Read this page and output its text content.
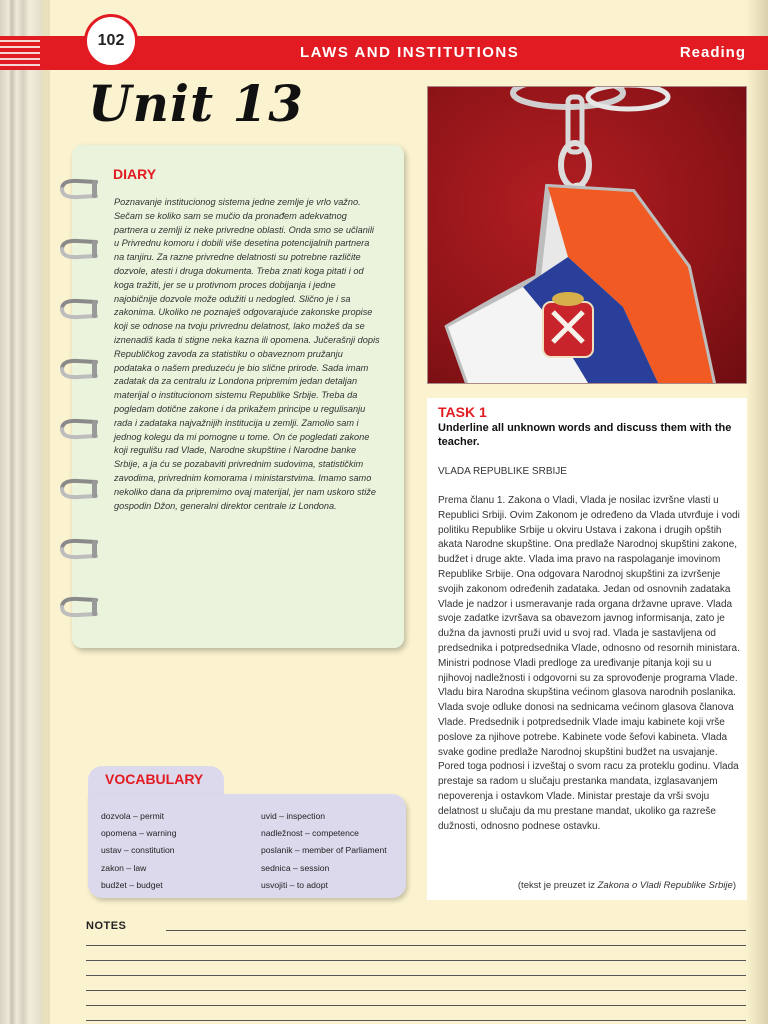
LAWS AND INSTITUTIONS	Reading
102
Unit 13
DIARY
Poznavanje institucionog sistema jedne zemlje je vrlo važno. Sečam se koliko sam se mučio da pronađem adekvatnog partnera u zemlji iz neke privredne oblasti. Onda smo se učlanili u Privrednu komoru i dobili više desetina potencijalnih partnera na tanjiru. Za razne privredne delatnosti su potrebne različite dozvole, atesti i druga dokumenta. Treba znati koga pitati i od koga tražiti, jer se u protivnom proces dobijanja i jedne najobičnije dozvole može odužiti u nedogled. Slično je i sa zakonima. Ukoliko ne poznaješ odgovarajuće zakonske propise koji se odnose na tvoju privrednu delatnost, lako možeš da se iznenadiš kada ti stigne neka kazna ili opomena. Jučerašnji dopis Republičkog zavoda za statistiku o obaveznom pružanju podataka o našem preduzeću je bio slične prirode. Sada imam zadatak da za centralu iz Londona pripremim jedan detaljan materijal o institucionom sistemu Republike Srbije. Treba da pogledam dotične zakone i da prikažem principe u regulisanju rada i zadataka najvažnijih institucija u zemlji. Zamolio sam i jednog kolegu da mi pomogne u tome. On će pogledati zakone koji regulišu rad Vlade, Narodne skupštine i Narodne banke Srbije, a ja ću se pozabaviti privrednim sudovima, statističkim zavodima, privrednim komorama i ministarstvima. Imamo samo nekoliko dana da pripremimo ovaj materijal, jer nam uskoro stiže gospodin Džon, generalni direktor centrale iz Londona.
TASK 1
Underline all unknown words and discuss them with the teacher.
VLADA REPUBLIKE SRBIJE
Prema članu 1. Zakona o Vladi, Vlada je nosilac izvršne vlasti u Republici Srbiji. Ovim Zakonom je određeno da Vlada utvrđuje i vodi politiku Republike Srbije u okviru Ustava i zakona i drugih opštih akata Narodne skupštine. Ona predlaže Narodnoj skupštini zakone, budžet i druge akte. Vlada ima pravo na raspolaganje imovinom Republike Srbije. Ona odgovara Narodnoj skupštini za izvršenje svojih zakonom određenih zadataka. Jedan od osnovnih zadataka Vlade je nadzor i usmeravanje rada organa državne uprave. Vlada svoje zadatke izvršava sa obavezom javnog informisanja, zato je dužna da javnosti pruži uvid u svoj rad. Vlada je sastavljena od predsednika i potpredsednika Vlade, odnosno od resornih ministara. Ministri podnose Vladi predloge za uređivanje pitanja koji su u njihovoj nadležnosti i odgovorni su za sprovođenje programa Vlade. Vladu bira Narodna skupština većinom glasova narodnih poslanika. Vlada svoje odluke donosi na sednicama većinom glasova članova Vlade. Predsednik i potpredsednik Vlade imaju kabinete koji vrše poslove za njihove potrebe. Kabinete vode šefovi kabineta. Vlada svake godine predlaže Narodnoj skupštini budžet na usvajanje. Pored toga podnosi i izveštaj o svom racu za proteklu godinu. Vlada prestaje sa radom u slučaju prestanka mandata, izglasavanjem nepoverenja i ostavkom Vlade. Ministar prestaje da vrši svoju delatnost u slučaju da mu prestane mandat, ukoliko ga razreše dužnosti, odnosno podnese ostavku.
(tekst je preuzet iz Zakona o Vladi Republike Srbije)
VOCABULARY
dozvola – permit
opomena – warning
ustav – constitution
zakon – law
budžet – budget
uvid – inspection
nadležnost – competence
poslanik – member of Parliament
sednica – session
usvojiti – to adopt
NOTES
